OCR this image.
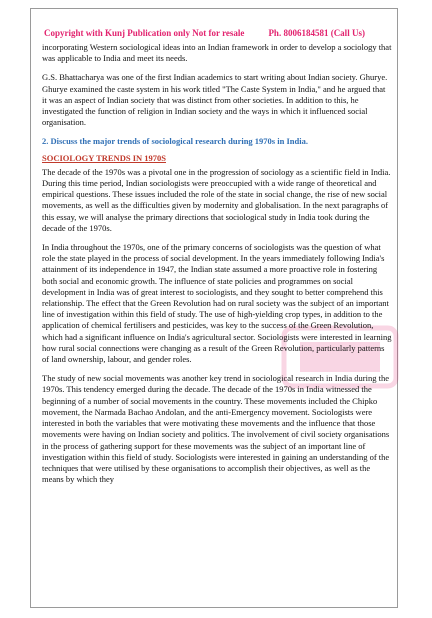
Copyright with Kunj Publication only Not for resale	Ph. 8006184581 (Call Us)

incorporating Western sociological ideas into an Indian framework in order to develop a sociology that was applicable to India and meet its needs.

G.S. Bhattacharya was one of the first Indian academics to start writing about Indian society. Ghurye. Ghurye examined the caste system in his work titled "The Caste System in India," and he argued that it was an aspect of Indian society that was distinct from other societies. In addition to this, he investigated the function of religion in Indian society and the ways in which it influenced social organisation.

2. Discuss the major trends of sociological research during 1970s in India.

SOCIOLOGY TRENDS IN 1970S

The decade of the 1970s was a pivotal one in the progression of sociology as a scientific field in India. During this time period, Indian sociologists were preoccupied with a wide range of theoretical and empirical questions. These issues included the role of the state in social change, the rise of new social movements, as well as the difficulties given by modernity and globalisation. In the next paragraphs of this essay, we will analyse the primary directions that sociological study in India took during the decade of the 1970s.

In India throughout the 1970s, one of the primary concerns of sociologists was the question of what role the state played in the process of social development. In the years immediately following India's attainment of its independence in 1947, the Indian state assumed a more proactive role in fostering both social and economic growth. The influence of state policies and programmes on social development in India was of great interest to sociologists, and they sought to better comprehend this relationship. The effect that the Green Revolution had on rural society was the subject of an important line of investigation within this field of study. The use of high-yielding crop types, in addition to the application of chemical fertilisers and pesticides, was key to the success of the Green Revolution, which had a significant influence on India's agricultural sector. Sociologists were interested in learning how rural social connections were changing as a result of the Green Revolution, particularly patterns of land ownership, labour, and gender roles.

The study of new social movements was another key trend in sociological research in India during the 1970s. This tendency emerged during the decade. The decade of the 1970s in India witnessed the beginning of a number of social movements in the country. These movements included the Chipko movement, the Narmada Bachao Andolan, and the anti-Emergency movement. Sociologists were interested in both the variables that were motivating these movements and the influence that those movements were having on Indian society and politics. The involvement of civil society organisations in the process of gathering support for these movements was the subject of an important line of investigation within this field of study. Sociologists were interested in gaining an understanding of the techniques that were utilised by these organisations to accomplish their objectives, as well as the means by which they
